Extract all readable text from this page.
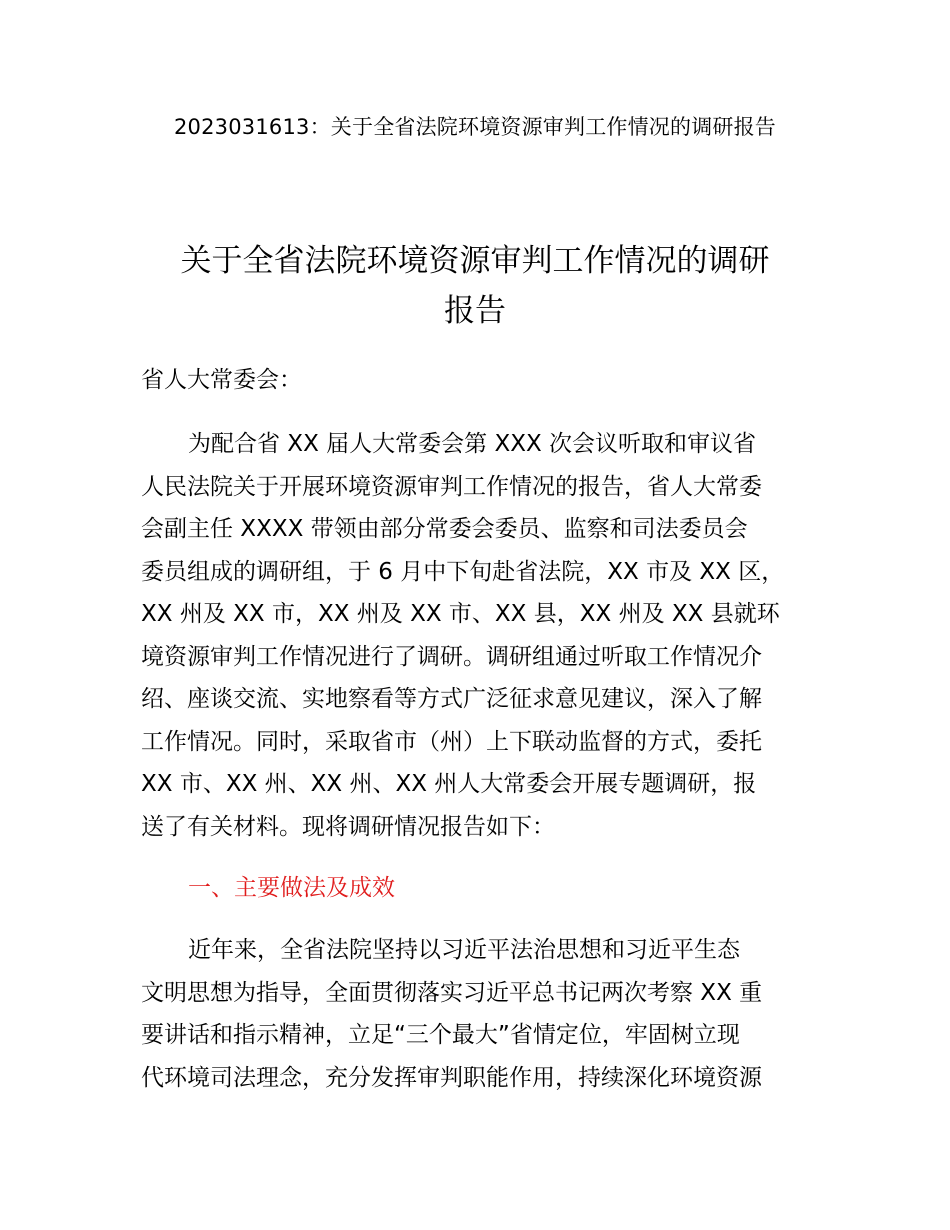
2023031613：关于全省法院环境资源审判工作情况的调研报告
关于全省法院环境资源审判工作情况的调研
报告
省人大常委会：
为配合省 XX 届人大常委会第 XXX 次会议听取和审议省
人民法院关于开展环境资源审判工作情况的报告，省人大常委
会副主任 XXXX 带领由部分常委会委员、监察和司法委员会
委员组成的调研组，于 6 月中下旬赴省法院，XX 市及 XX 区，
XX 州及 XX 市，XX 州及 XX 市、XX 县，XX 州及 XX 县就环
境资源审判工作情况进行了调研。调研组通过听取工作情况介
绍、座谈交流、实地察看等方式广泛征求意见建议，深入了解
工作情况。同时，采取省市（州）上下联动监督的方式，委托
XX 市、XX 州、XX 州、XX 州人大常委会开展专题调研，报
送了有关材料。现将调研情况报告如下：
一、主要做法及成效
近年来，全省法院坚持以习近平法治思想和习近平生态
文明思想为指导，全面贯彻落实习近平总书记两次考察 XX 重
要讲话和指示精神，立足“三个最大”省情定位，牢固树立现
代环境司法理念，充分发挥审判职能作用，持续深化环境资源
